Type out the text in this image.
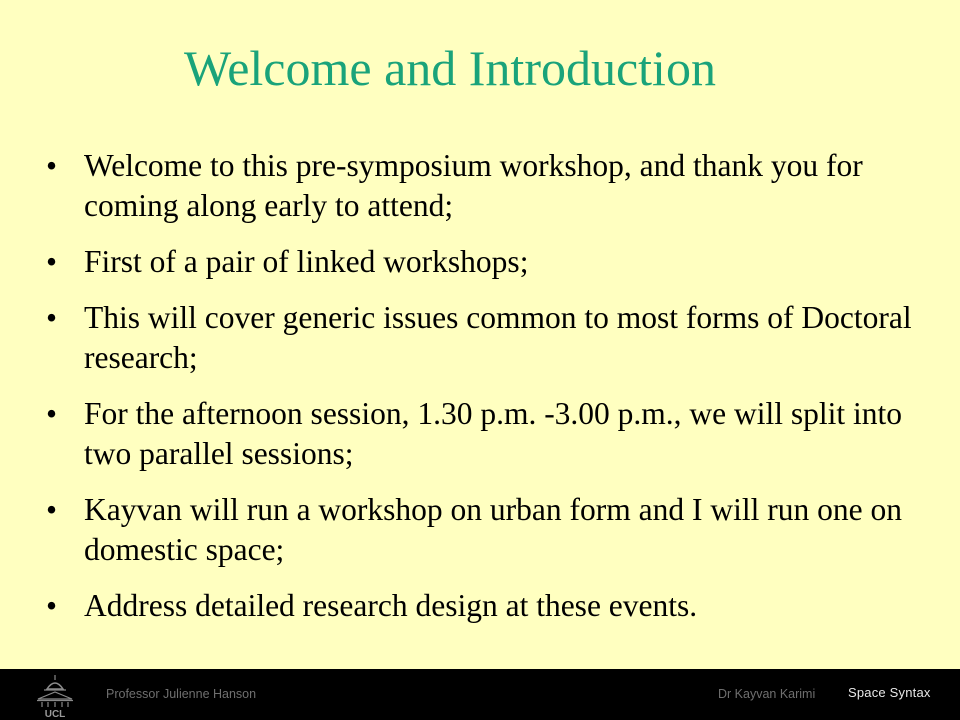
Welcome and Introduction
• Welcome to this pre-symposium workshop, and thank you for coming along early to attend;
• First of a pair of linked workshops;
• This will cover generic issues common to most forms of Doctoral research;
• For the afternoon session, 1.30 p.m. -3.00 p.m., we will split into two parallel sessions;
• Kayvan will run a workshop on urban form and I will run one on domestic space;
• Address detailed research design at these events.
UCL
Professor Julienne Hanson	Dr Kayvan Karimi	Space Syntax
